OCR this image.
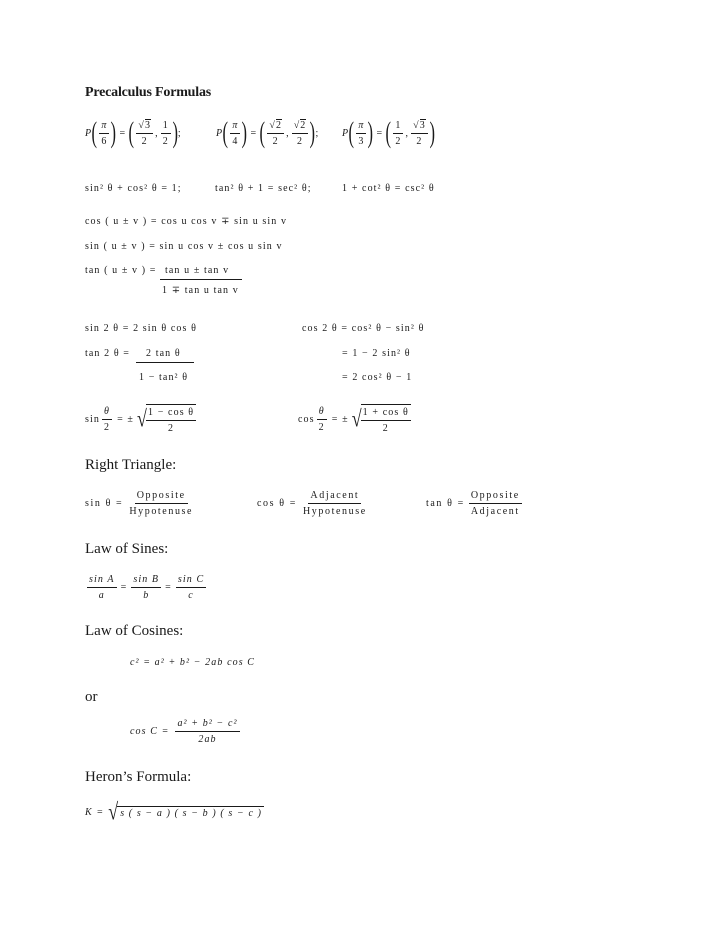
Precalculus Formulas
P ( $\frac{\pi}{6}$ ) = ( $\frac{√3}{2}$ , $\frac{1}{2}$ ) ;	P ( $\frac{\pi}{4}$ ) = ( $\frac{√2}{2}$ , $\frac{√2}{2}$ ) ; P ( $\frac{\pi}{3}$ ) = ( $\frac{1}{2}$ , $\frac{√3}{2}$ )
sin² θ + cos² θ = 1;	tan² θ + 1 = sec² θ;	1 + cot² θ = csc² θ
cos ( u ± v ) = cos u cos v ∓ sin u sin v
sin ( u ± v ) = sin u cos v ± cos u sin v
tan ( u ± v ) = tan u ± tan v
1 ∓ tan u tan v
sin 2 θ = 2 sin θ cos θ	cos 2 θ = cos² θ − sin² θ
tan 2 θ = 2 tan θ
1 − tan² θ
= 1 − 2 sin² θ
= 2 cos² θ − 1
$\sin \frac{\theta}{2}$ = ± √
$\frac{\text{1 − cos θ}}{2}$	$\cos \frac{\theta}{2}$ = ± √
$\frac{\text{1 + cos θ}}{2}$
Right Triangle:
$\sin \theta = \frac{\text{Opposite}}{\text{Hypotenuse}}$	$\cos \theta = \frac{\text{Adjacent}}{\text{Hypotenuse}}$	$\tan \theta = \frac{\text{Opposite}}{\text{Adjacent}}$
Law of Sines:
$\frac{\text{sin A}}{a} = \frac{\text{sin B}}{b} = \frac{\text{sin C}}{c}$
Law of Cosines:
c² = a² + b² − 2ab cos C
or
$\cos C = \frac{\text{a² + b² − c²}}{2ab}$
Heron’s Formula:
K = √ s ( s − a ) ( s − b ) ( s − c )
